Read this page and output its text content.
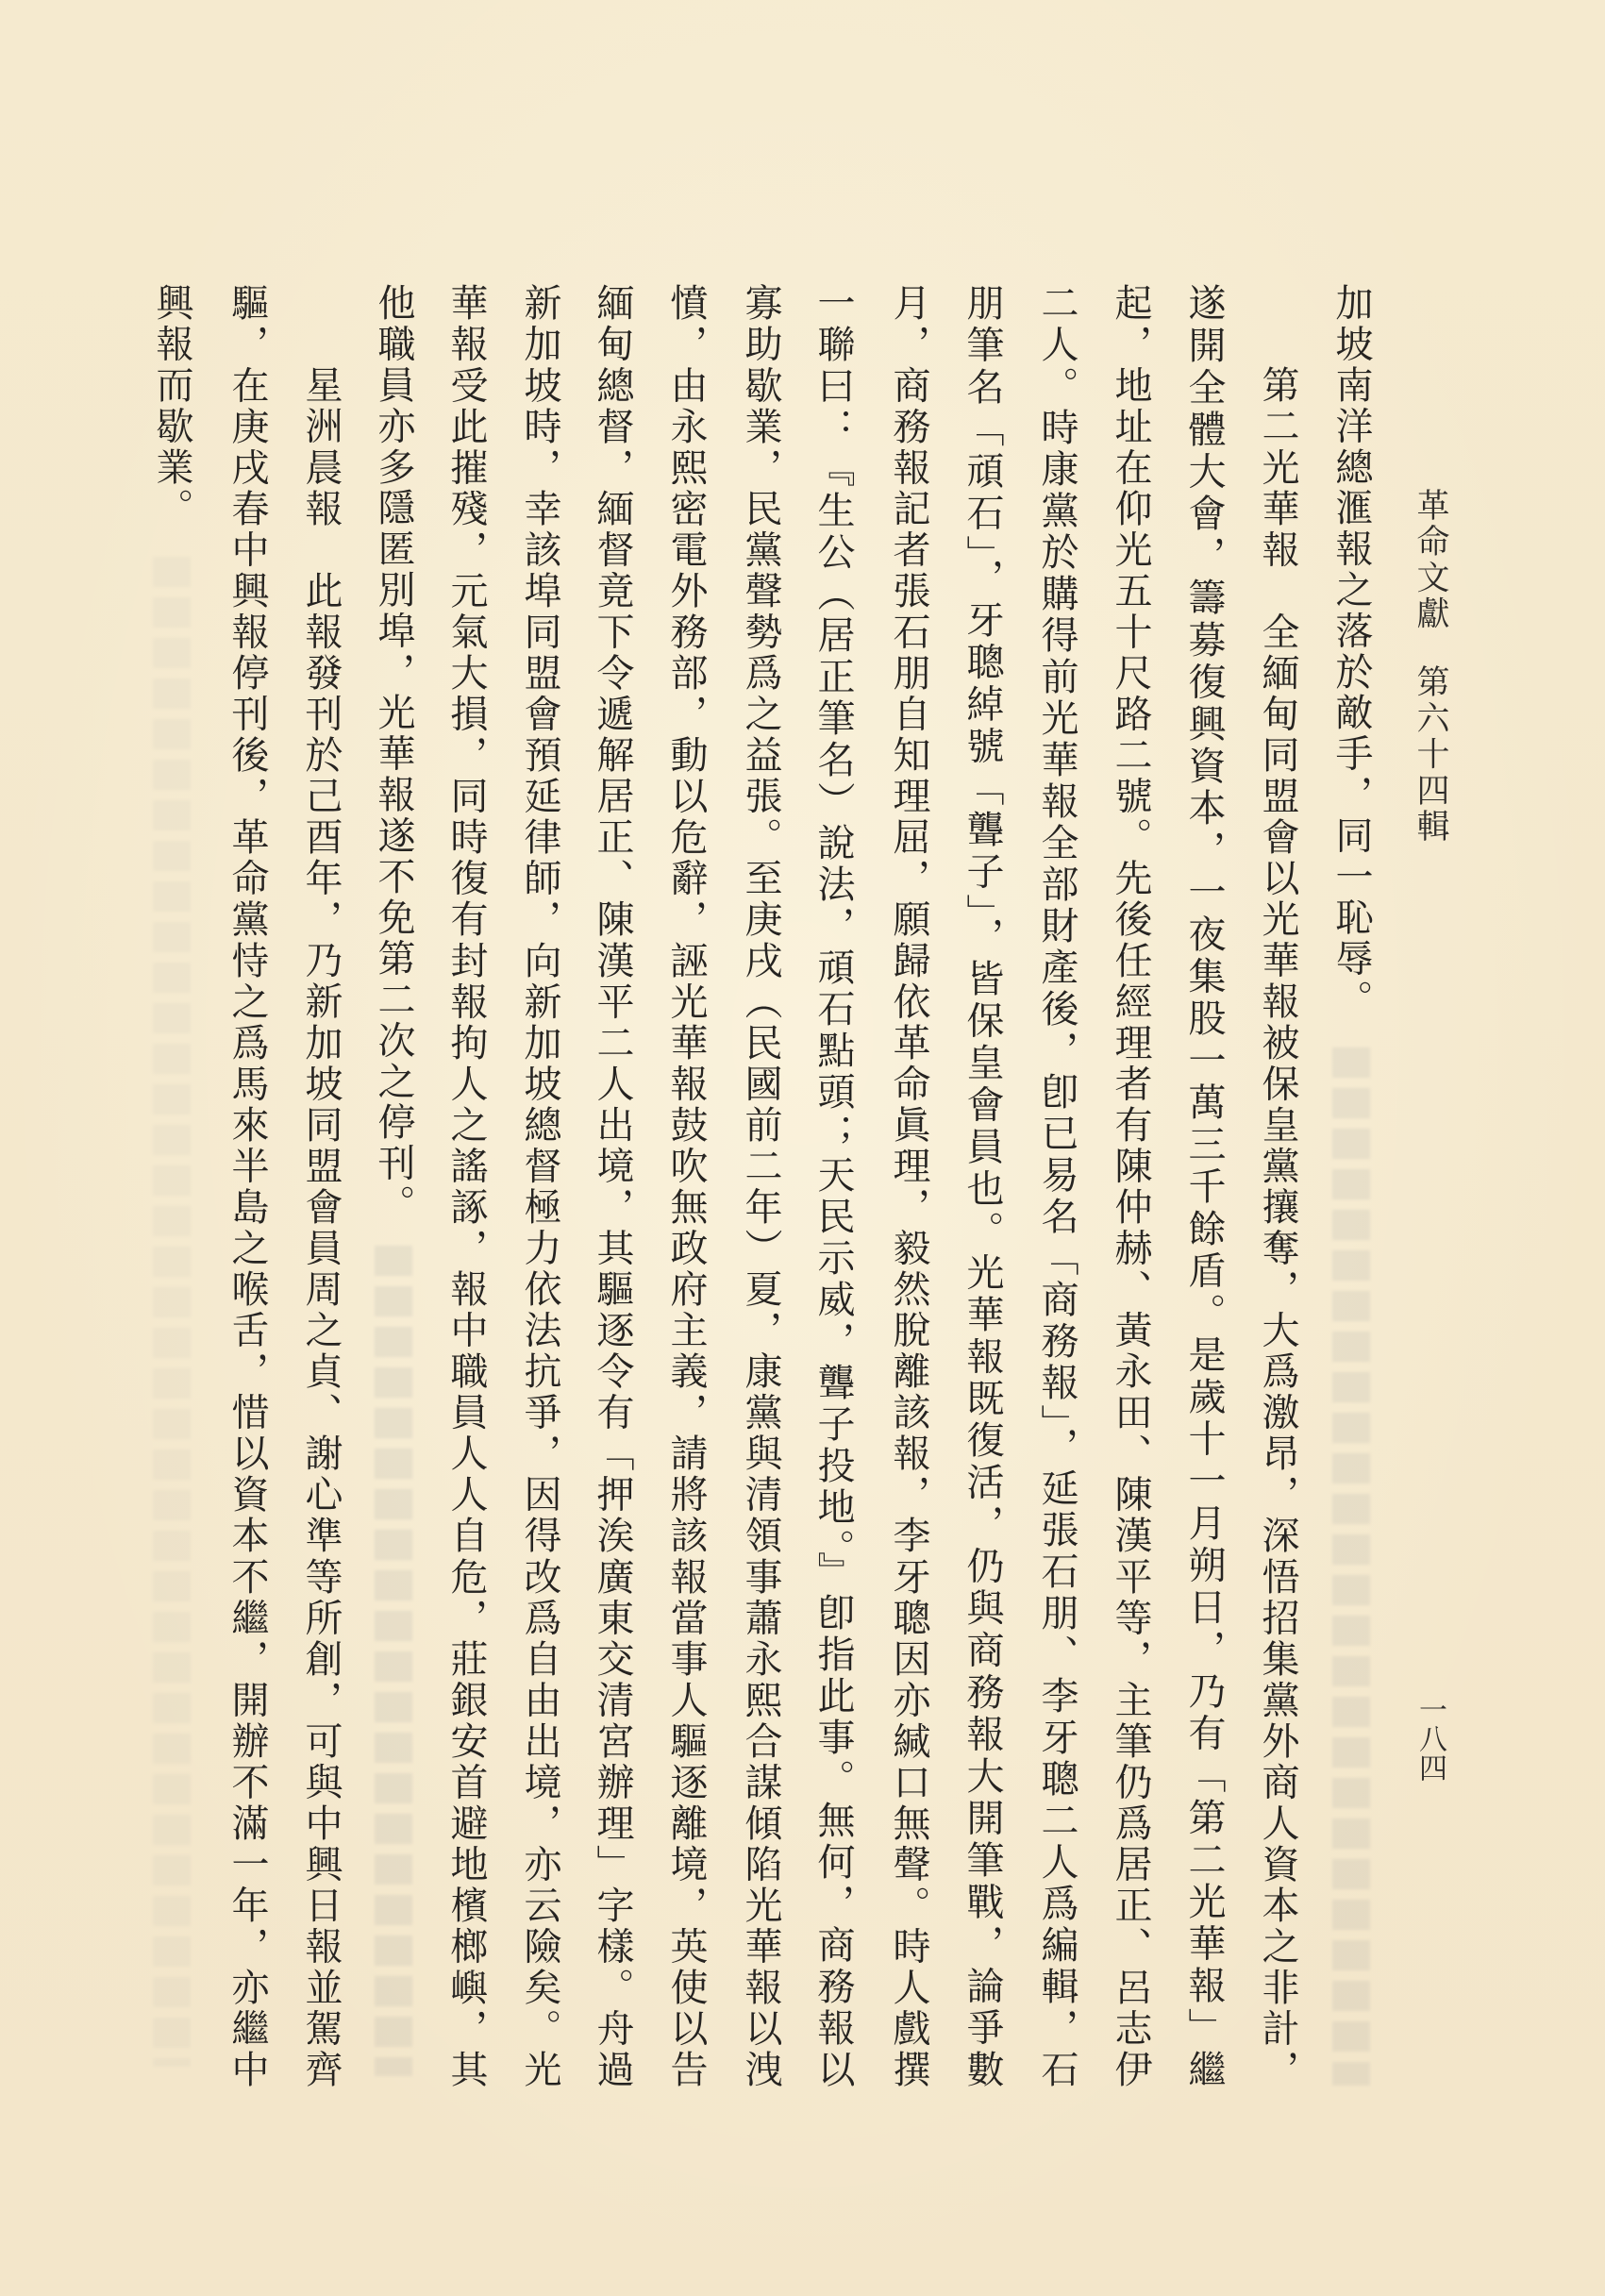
革命文獻第六十四輯
一八四
加坡南洋總滙報之落於敵手，同一恥辱。
第二光華報　全緬甸同盟會以光華報被保皇黨攘奪，大爲激昂，深悟招集黨外商人資本之非計，
遂開全體大會，籌募復興資本，一夜集股一萬三千餘盾。是歲十一月朔日，乃有「第二光華報」繼
起，地址在仰光五十尺路二號。先後任經理者有陳仲赫、黃永田、陳漢平等，主筆仍爲居正、呂志伊
二人。時康黨於購得前光華報全部財產後，卽已易名「商務報」，延張石朋、李牙聰二人爲編輯，石
朋筆名「頑石」，牙聰綽號「聾子」，皆保皇會員也。光華報既復活，仍與商務報大開筆戰，論爭數
月，商務報記者張石朋自知理屈，願歸依革命眞理，毅然脫離該報，李牙聰因亦緘口無聲。時人戲撰
一聯曰：『生公（居正筆名）說法，頑石點頭；天民示威，聾子投地。』卽指此事。無何，商務報以
寡助歇業，民黨聲勢爲之益張。至庚戌（民國前二年）夏，康黨與清領事蕭永熙合謀傾陷光華報以洩
憤，由永熙密電外務部，動以危辭，誣光華報鼓吹無政府主義，請將該報當事人驅逐離境，英使以告
緬甸總督，緬督竟下令遞解居正、陳漢平二人出境，其驅逐令有「押涘廣東交清宮辦理」字樣。舟過
新加坡時，幸該埠同盟會預延律師，向新加坡總督極力依法抗爭，因得改爲自由出境，亦云險矣。光
華報受此摧殘，元氣大損，同時復有封報拘人之謠諑，報中職員人人自危，莊銀安首避地檳榔嶼，其
他職員亦多隱匿別埠，光華報遂不免第二次之停刊。
星洲晨報　此報發刊於己酉年，乃新加坡同盟會員周之貞、謝心準等所創，可與中興日報並駕齊
驅，在庚戌春中興報停刊後，革命黨恃之爲馬來半島之喉舌，惜以資本不繼，開辦不滿一年，亦繼中
興報而歇業。
